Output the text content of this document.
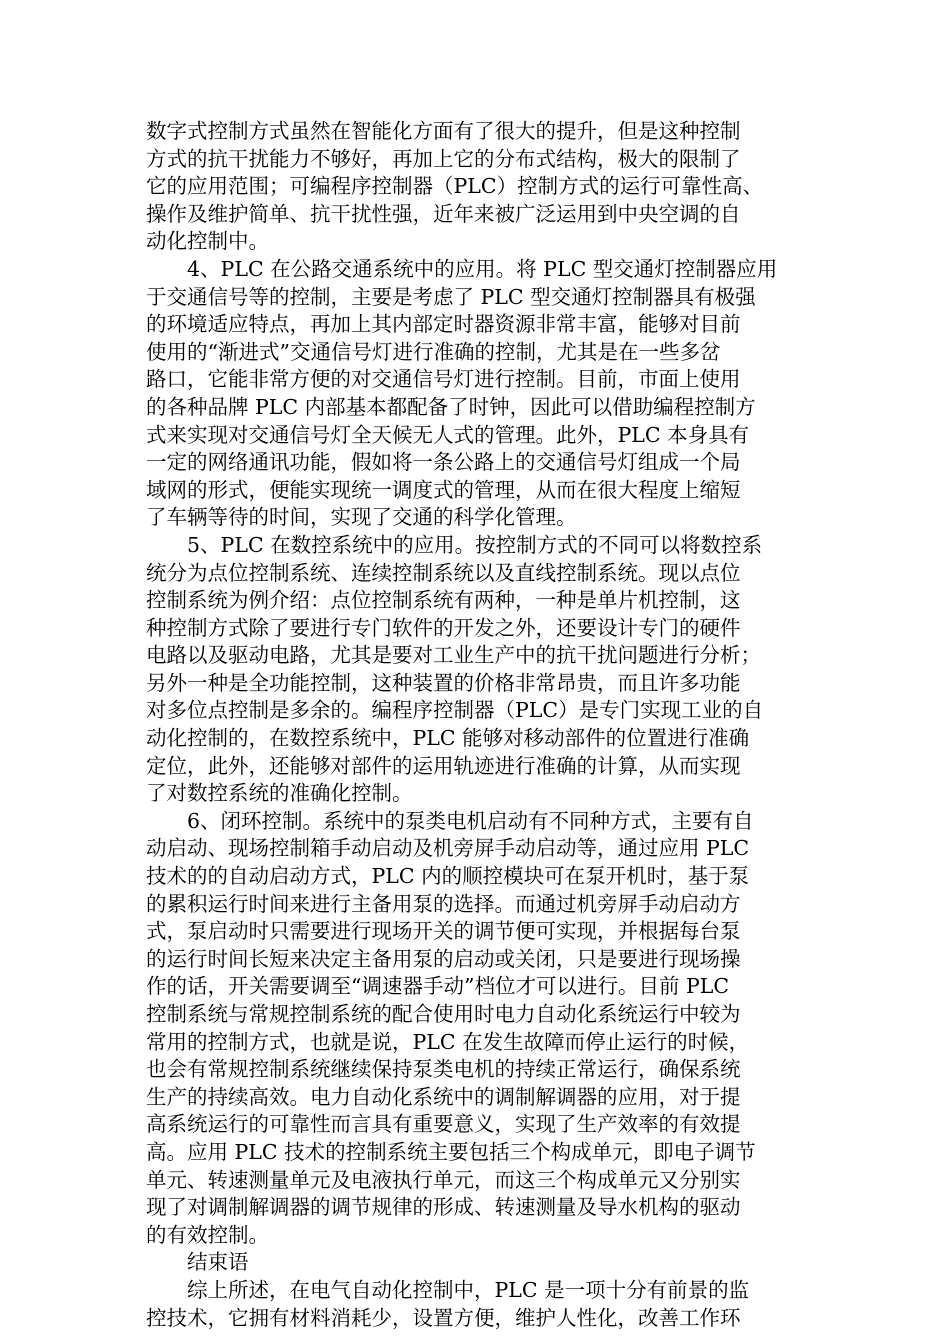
数字式控制方式虽然在智能化方面有了很大的提升，但是这种控制
方式的抗干扰能力不够好，再加上它的分布式结构，极大的限制了
它的应用范围；可编程序控制器（PLC）控制方式的运行可靠性高、
操作及维护简单、抗干扰性强，近年来被广泛运用到中央空调的自
动化控制中。
4、PLC 在公路交通系统中的应用。将 PLC 型交通灯控制器应用
于交通信号等的控制，主要是考虑了 PLC 型交通灯控制器具有极强
的环境适应特点，再加上其内部定时器资源非常丰富，能够对目前
使用的“渐进式”交通信号灯进行准确的控制，尤其是在一些多岔
路口，它能非常方便的对交通信号灯进行控制。目前，市面上使用
的各种品牌 PLC 内部基本都配备了时钟，因此可以借助编程控制方
式来实现对交通信号灯全天候无人式的管理。此外，PLC 本身具有
一定的网络通讯功能，假如将一条公路上的交通信号灯组成一个局
域网的形式，便能实现统一调度式的管理，从而在很大程度上缩短
了车辆等待的时间，实现了交通的科学化管理。
5、PLC 在数控系统中的应用。按控制方式的不同可以将数控系
统分为点位控制系统、连续控制系统以及直线控制系统。现以点位
控制系统为例介绍：点位控制系统有两种，一种是单片机控制，这
种控制方式除了要进行专门软件的开发之外，还要设计专门的硬件
电路以及驱动电路，尤其是要对工业生产中的抗干扰问题进行分析；
另外一种是全功能控制，这种装置的价格非常昂贵，而且许多功能
对多位点控制是多余的。编程序控制器（PLC）是专门实现工业的自
动化控制的，在数控系统中，PLC 能够对移动部件的位置进行准确
定位，此外，还能够对部件的运用轨迹进行准确的计算，从而实现
了对数控系统的准确化控制。
6、闭环控制。系统中的泵类电机启动有不同种方式，主要有自
动启动、现场控制箱手动启动及机旁屏手动启动等，通过应用 PLC
技术的的自动启动方式，PLC 内的顺控模块可在泵开机时，基于泵
的累积运行时间来进行主备用泵的选择。而通过机旁屏手动启动方
式，泵启动时只需要进行现场开关的调节便可实现，并根据每台泵
的运行时间长短来决定主备用泵的启动或关闭，只是要进行现场操
作的话，开关需要调至“调速器手动”档位才可以进行。目前 PLC
控制系统与常规控制系统的配合使用时电力自动化系统运行中较为
常用的控制方式，也就是说，PLC 在发生故障而停止运行的时候，
也会有常规控制系统继续保持泵类电机的持续正常运行，确保系统
生产的持续高效。电力自动化系统中的调制解调器的应用，对于提
高系统运行的可靠性而言具有重要意义，实现了生产效率的有效提
高。应用 PLC 技术的控制系统主要包括三个构成单元，即电子调节
单元、转速测量单元及电液执行单元，而这三个构成单元又分别实
现了对调制解调器的调节规律的形成、转速测量及导水机构的驱动
的有效控制。
结束语
综上所述，在电气自动化控制中，PLC 是一项十分有前景的监
控技术，它拥有材料消耗少，设置方便，维护人性化，改善工作环
